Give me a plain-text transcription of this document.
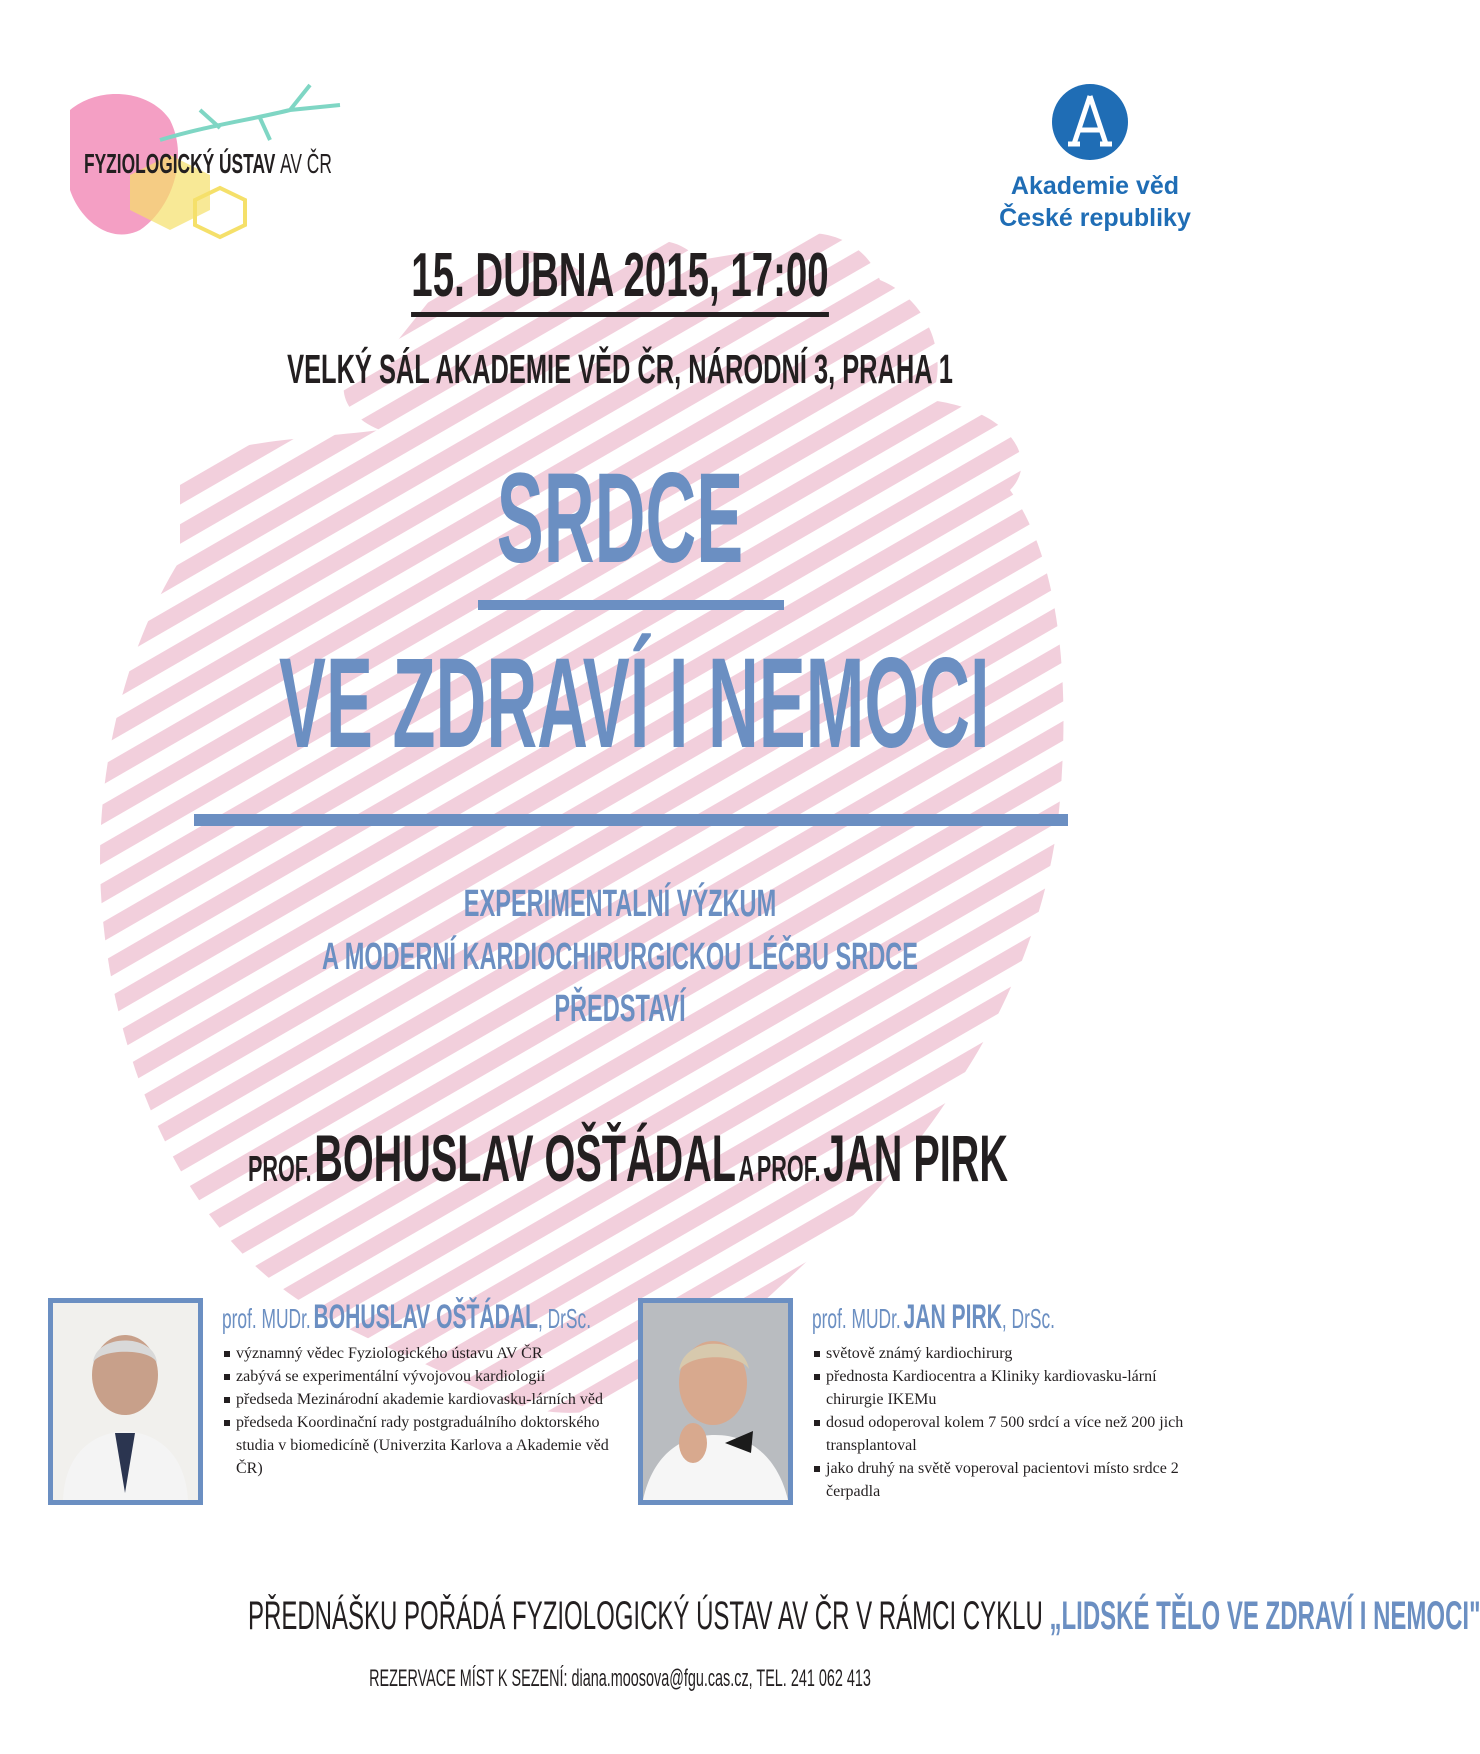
FYZIOLOGICKÝ ÚSTAV AV ČR
Akademie věd
České republiky
15. DUBNA 2015, 17:00
VELKÝ SÁL AKADEMIE VĚD ČR, NÁRODNÍ 3, PRAHA 1
SRDCE
VE ZDRAVÍ I NEMOCI
EXPERIMENTALNÍ VÝZKUM
A MODERNÍ KARDIOCHIRURGICKOU LÉČBU SRDCE
PŘEDSTAVÍ
PROF. BOHUSLAV OŠŤÁDAL A PROF. JAN PIRK
prof. MUDr. BOHUSLAV OŠŤÁDAL, DrSc.
významný vědec Fyziologického ústavu AV ČR
zabývá se experimentální vývojovou kardiologií
předseda Mezinárodní akademie kardiovasku-lárních věd
předseda Koordinační rady postgraduálního doktorského studia v biomedicíně (Univerzita Karlova a Akademie věd ČR)
prof. MUDr. JAN PIRK, DrSc.
světově známý kardiochirurg
přednosta Kardiocentra a Kliniky kardiovasku-lární chirurgie IKEMu
dosud odoperoval kolem 7 500 srdcí a více než 200 jich transplantoval
jako druhý na světě voperoval pacientovi místo srdce 2 čerpadla
PŘEDNÁŠKU POŘÁDÁ FYZIOLOGICKÝ ÚSTAV AV ČR V RÁMCI CYKLU „LIDSKÉ TĚLO VE ZDRAVÍ I NEMOCI"
REZERVACE MÍST K SEZENÍ: diana.moosova@fgu.cas.cz, TEL. 241 062 413
